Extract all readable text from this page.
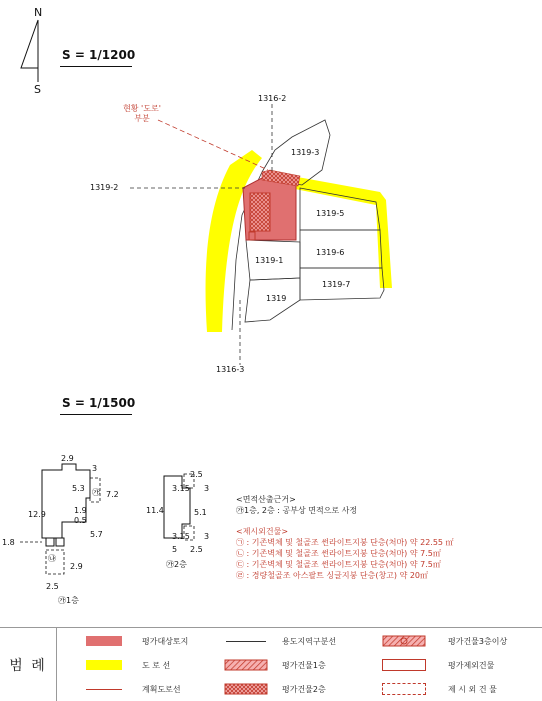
N
S
S = 1/1200
현황 '도로'
부분
1316-2
1316-3
1319-2
1319-3
1319-5
1319-6
1319-7
1319-1
1319
S = 1/1500
2.9
3
5.3
7.2
12.9	1.9
0.5
5.7
1.8
2.9
2.5
㉮
㉯
㉮1층
2.5
3.15 3
11.4	5.1
3.15 3
5 2.5
㉮2층
<면적산출근거>
㉮1층, 2층 : 공부상 면적으로 사정
<제시외건물>
㉠ : 기존벽체 및 철골조 썬라이트지붕 단층(처마) 약 22.55 ㎡
㉡ : 기존벽체 및 철골조 썬라이트지붕 단층(처마) 약 7.5㎡
㉢ : 기존벽체 및 철골조 썬라이트지붕 단층(처마) 약 7.5㎡
㉣ : 경량철골조 아스팔트 싱글지붕 단층(창고) 약 20㎡
범 례
평가대상토지	용도지역구분선	평가건물3층이상
도 로 선	평가건물1층	평가제외건물
계획도로선	평가건물2층	제 시 외 건 물
